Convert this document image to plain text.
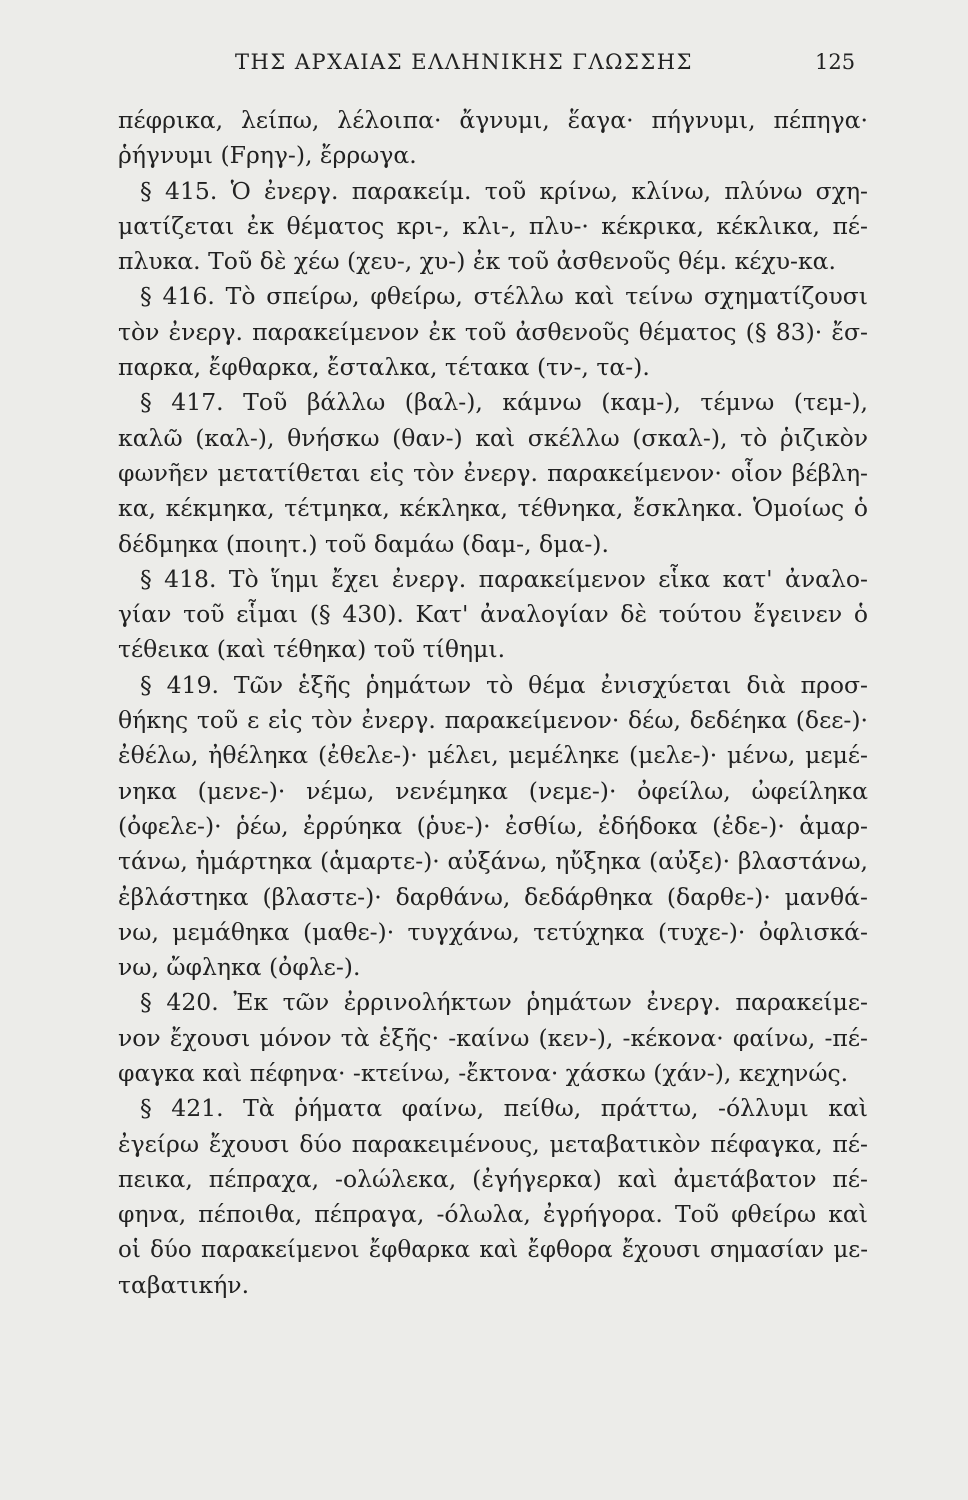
ΤΗΣ ΑΡΧΑΙΑΣ ΕΛΛΗΝΙΚΗΣ ΓΛΩΣΣΗΣ	125
πέφρικα, λείπω, λέλοιπα· ἄγνυμι, ἕαγα· πήγνυμι, πέπηγα·
ῥήγνυμι (Fρηγ-), ἔρρωγα.
§ 415. Ὁ ἐνεργ. παρακείμ. τοῦ κρίνω, κλίνω, πλύνω σχη-
ματίζεται ἐκ θέματος κρι-, κλι-, πλυ-· κέκρικα, κέκλικα, πέ-
πλυκα. Τοῦ δὲ χέω (χευ-, χυ-) ἐκ τοῦ ἀσθενοῦς θέμ. κέχυ-κα.
§ 416. Τὸ σπείρω, φθείρω, στέλλω καὶ τείνω σχηματίζουσι
τὸν ἐνεργ. παρακείμενον ἐκ τοῦ ἀσθενοῦς θέματος (§ 83)· ἔσ-
παρκα, ἔφθαρκα, ἔσταλκα, τέτακα (τν-, τα-).
§ 417. Τοῦ βάλλω (βαλ-), κάμνω (καμ-), τέμνω (τεμ-),
καλῶ (καλ-), θνήσκω (θαν-) καὶ σκέλλω (σκαλ-), τὸ ῥιζικὸν
φωνῆεν μετατίθεται εἰς τὸν ἐνεργ. παρακείμενον· οἷον βέβλη-
κα, κέκμηκα, τέτμηκα, κέκληκα, τέθνηκα, ἔσκληκα. Ὁμοίως ὁ
δέδμηκα (ποιητ.) τοῦ δαμάω (δαμ-, δμα-).
§ 418. Τὸ ἵημι ἔχει ἐνεργ. παρακείμενον εἷκα κατ' ἀναλο-
γίαν τοῦ εἷμαι (§ 430). Κατ' ἀναλογίαν δὲ τούτου ἔγεινεν ὁ
τέθεικα (καὶ τέθηκα) τοῦ τίθημι.
§ 419. Τῶν ἑξῆς ῥημάτων τὸ θέμα ἐνισχύεται διὰ προσ-
θήκης τοῦ ε εἰς τὸν ἐνεργ. παρακείμενον· δέω, δεδέηκα (δεε-)·
ἐθέλω, ἠθέληκα (ἐθελε-)· μέλει, μεμέληκε (μελε-)· μένω, μεμέ-
νηκα (μενε-)· νέμω, νενέμηκα (νεμε-)· ὀφείλω, ὠφείληκα
(ὀφελε-)· ῥέω, ἐρρύηκα (ῥυε-)· ἐσθίω, ἐδήδοκα (ἐδε-)· ἁμαρ-
τάνω, ἡμάρτηκα (ἁμαρτε-)· αὐξάνω, ηὔξηκα (αὐξε)· βλαστάνω,
ἐβλάστηκα (βλαστε-)· δαρθάνω, δεδάρθηκα (δαρθε-)· μανθά-
νω, μεμάθηκα (μαθε-)· τυγχάνω, τετύχηκα (τυχε-)· ὀφλισκά-
νω, ὤφληκα (ὀφλε-).
§ 420. Ἐκ τῶν ἐρρινολήκτων ῥημάτων ἐνεργ. παρακείμε-
νον ἔχουσι μόνον τὰ ἑξῆς· -καίνω (κεν-), -κέκονα· φαίνω, -πέ-
φαγκα καὶ πέφηνα· -κτείνω, -ἔκτονα· χάσκω (χάν-), κεχηνώς.
§ 421. Τὰ ῥήματα φαίνω, πείθω, πράττω, -όλλυμι καὶ
ἐγείρω ἔχουσι δύο παρακειμένους, μεταβατικὸν πέφαγκα, πέ-
πεικα, πέπραχα, -ολώλεκα, (ἐγήγερκα) καὶ ἀμετάβατον πέ-
φηνα, πέποιθα, πέπραγα, -όλωλα, ἐγρήγορα. Τοῦ φθείρω καὶ
οἱ δύο παρακείμενοι ἔφθαρκα καὶ ἔφθορα ἔχουσι σημασίαν με-
ταβατικήν.
